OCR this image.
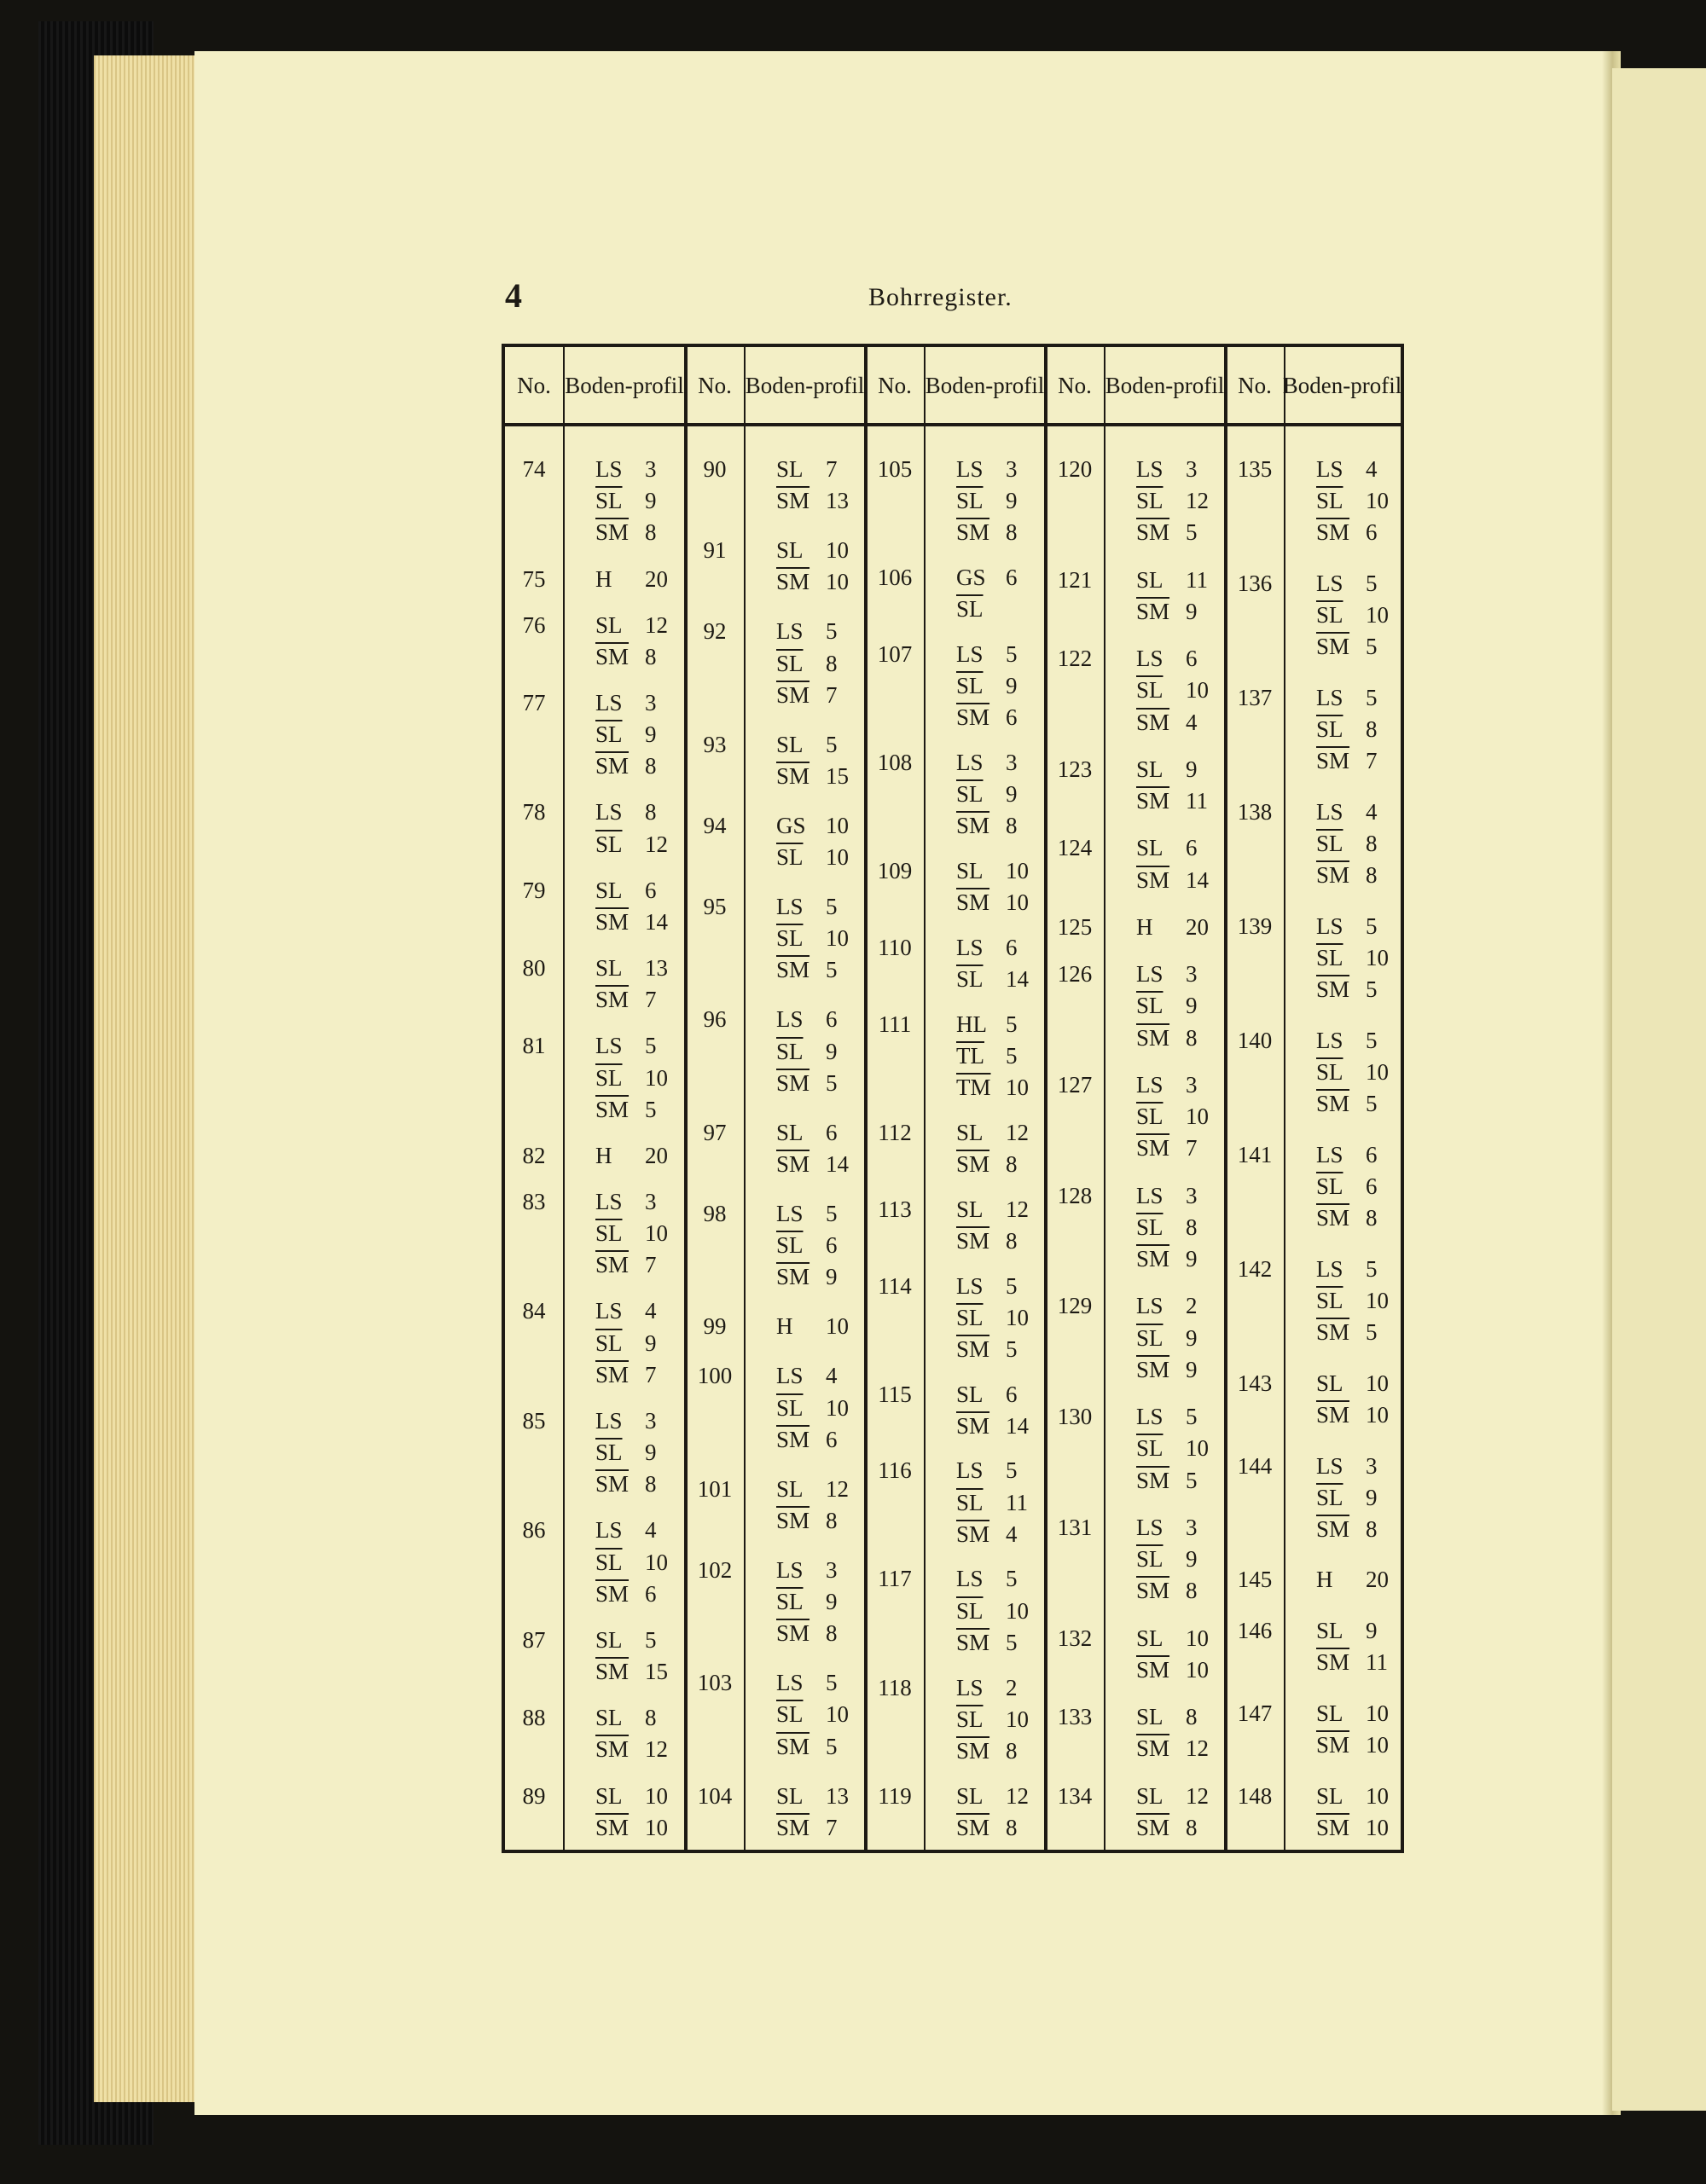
4	Bohrregister.
No. Boden- profil No. Boden- profil No. Boden- profil No. Boden- profil No. Boden- profil
74	LS 3
$\overline{SL}$ 9
$\overline{SM}$ 8
75	H 20
76	SL 12
$\overline{SM}$ 8
77	LS 3
$\overline{SL}$ 9
$\overline{SM}$ 8
78	LS 8
$\overline{SL}$ 12
79	SL 6
$\overline{SM}$ 14
80	SL 13
$\overline{SM}$ 7
81	LS 5
$\overline{SL}$ 10
$\overline{SM}$ 5
82	H 20
83	LS 3
$\overline{SL}$ 10
$\overline{SM}$ 7
84	LS 4
$\overline{SL}$ 9
$\overline{SM}$ 7
85	LS 3
$\overline{SL}$ 9
$\overline{SM}$ 8
86	LS 4
$\overline{SL}$ 10
$\overline{SM}$ 6
87	SL 5
$\overline{SM}$ 15
88	SL 8
$\overline{SM}$ 12
89	SL 10
$\overline{SM}$ 10
90	SL 7
$\overline{SM}$ 13
91	SL 10
$\overline{SM}$ 10
92	LS 5
$\overline{SL}$ 8
$\overline{SM}$ 7
93	SL 5
$\overline{SM}$ 15
94	GS 10
$\overline{SL}$ 10
95	LS 5
$\overline{SL}$ 10
$\overline{SM}$ 5
96	LS 6
$\overline{SL}$ 9
$\overline{SM}$ 5
97	SL 6
$\overline{SM}$ 14
98	LS 5
$\overline{SL}$ 6
$\overline{SM}$ 9
99	H 10
100	LS 4
$\overline{SL}$ 10
$\overline{SM}$ 6
101	SL 12
$\overline{SM}$ 8
102	LS 3
$\overline{SL}$ 9
$\overline{SM}$ 8
103	LS 5
$\overline{SL}$ 10
$\overline{SM}$ 5
104	SL 13
$\overline{SM}$ 7
105	LS 3
$\overline{SL}$ 9
$\overline{SM}$ 8
106	GS 6
$\overline{SL}$
107	LS 5
$\overline{SL}$ 9
$\overline{SM}$ 6
108	LS 3
$\overline{SL}$ 9
$\overline{SM}$ 8
109	SL 10
$\overline{SM}$ 10
110	LS 6
$\overline{SL}$ 14
111	HL 5
$\overline{TL}$ 5
$\overline{TM}$ 10
112	SL 12
$\overline{SM}$ 8
113	SL 12
$\overline{SM}$ 8
114	LS 5
$\overline{SL}$ 10
$\overline{SM}$ 5
115	SL 6
$\overline{SM}$ 14
116	LS 5
$\overline{SL}$ 11
$\overline{SM}$ 4
117	LS 5
$\overline{SL}$ 10
$\overline{SM}$ 5
118	LS 2
$\overline{SL}$ 10
$\overline{SM}$ 8
119	SL 12
$\overline{SM}$ 8
120	LS 3
$\overline{SL}$ 12
$\overline{SM}$ 5
121	SL 11
$\overline{SM}$ 9
122	LS 6
$\overline{SL}$ 10
$\overline{SM}$ 4
123	SL 9
$\overline{SM}$ 11
124	SL 6
$\overline{SM}$ 14
125	H 20
126	LS 3
$\overline{SL}$ 9
$\overline{SM}$ 8
127	LS 3
$\overline{SL}$ 10
$\overline{SM}$ 7
128	LS 3
$\overline{SL}$ 8
$\overline{SM}$ 9
129	LS 2
$\overline{SL}$ 9
$\overline{SM}$ 9
130	LS 5
$\overline{SL}$ 10
$\overline{SM}$ 5
131	LS 3
$\overline{SL}$ 9
$\overline{SM}$ 8
132	SL 10
$\overline{SM}$ 10
133	SL 8
$\overline{SM}$ 12
134	SL 12
$\overline{SM}$ 8
135	LS 4
$\overline{SL}$ 10
$\overline{SM}$ 6
136	LS 5
$\overline{SL}$ 10
$\overline{SM}$ 5
137	LS 5
$\overline{SL}$ 8
$\overline{SM}$ 7
138	LS 4
$\overline{SL}$ 8
$\overline{SM}$ 8
139	LS 5
$\overline{SL}$ 10
$\overline{SM}$ 5
140	LS 5
$\overline{SL}$ 10
$\overline{SM}$ 5
141	LS 6
$\overline{SL}$ 6
$\overline{SM}$ 8
142	LS 5
$\overline{SL}$ 10
$\overline{SM}$ 5
143	SL 10
$\overline{SM}$ 10
144	LS 3
$\overline{SL}$ 9
$\overline{SM}$ 8
145	H 20
146	SL 9
$\overline{SM}$ 11
147	SL 10
$\overline{SM}$ 10
148	SL 10
$\overline{SM}$ 10
